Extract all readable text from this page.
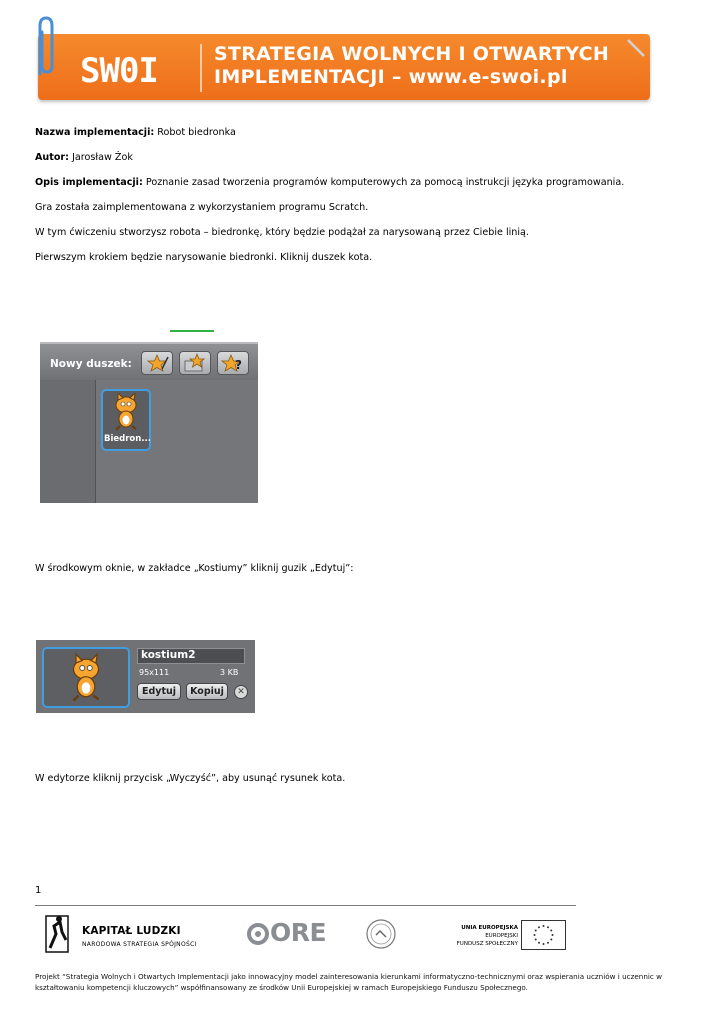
SW0I	STRATEGIA WOLNYCH I OTWARTYCH
IMPLEMENTACJI – www.e-swoi.pl
Nazwa implementacji: Robot biedronka
Autor: Jarosław Żok
Opis implementacji: Poznanie zasad tworzenia programów komputerowych za pomocą instrukcji języka programowania.
Gra została zaimplementowana z wykorzystaniem programu Scratch.
W tym ćwiczeniu stworzysz robota – biedronkę, który będzie podążał za narysowaną przez Ciebie linią.
Pierwszym krokiem będzie narysowanie biedronki. Kliknij duszek kota.
Nowy duszek:	?
Biedron...
W środkowym oknie, w zakładce „Kostiumy” kliknij guzik „Edytuj”:
kostium2
95x111	3 KB
Edytuj	Kopiuj	✕
W edytorze kliknij przycisk „Wyczyść”, aby usunąć rysunek kota.
1
KAPITAŁ LUDZKI
NARODOWA STRATEGIA SPÓJNOŚCI	ORE	UNIA EUROPEJSKA
EUROPEJSKI
FUNDUSZ SPOŁECZNY
Projekt “Strategia Wolnych i Otwartych Implementacji jako innowacyjny model zainteresowania kierunkami informatyczno-technicznymi oraz wspierania uczniów i uczennic w kształtowaniu kompetencji kluczowych” współfinansowany ze środków Unii Europejskiej w ramach Europejskiego Funduszu Społecznego.
